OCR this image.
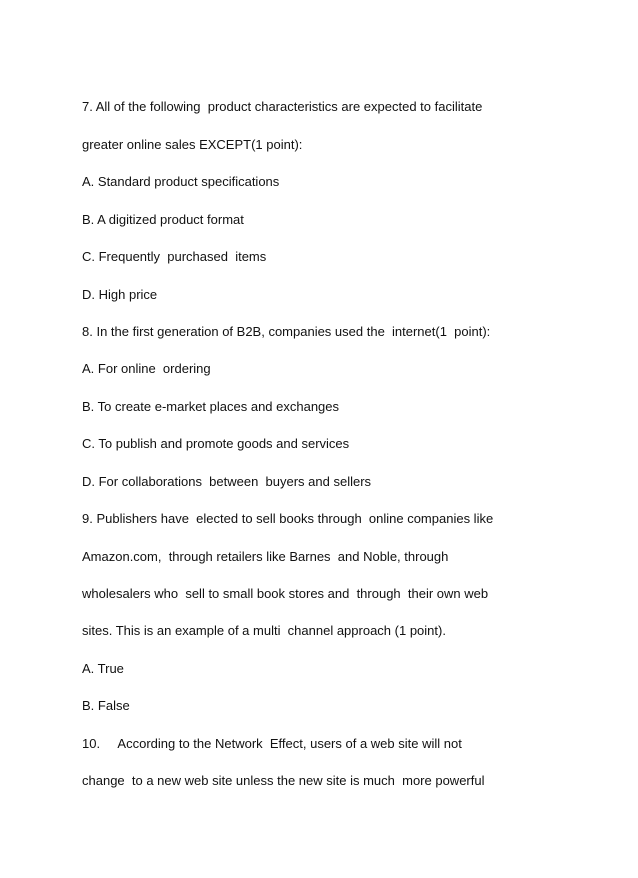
7. All of the following  product characteristics are expected to facilitate
greater online sales EXCEPT(1 point):
A. Standard product specifications
B. A digitized product format
C. Frequently  purchased  items
D. High price
8. In the first generation of B2B, companies used the  internet(1  point):
A. For online  ordering
B. To create e-market places and exchanges
C. To publish and promote goods and services
D. For collaborations  between  buyers and sellers
9. Publishers have  elected to sell books through  online companies like
Amazon.com,  through retailers like Barnes  and Noble, through
wholesalers who  sell to small book stores and  through  their own web
sites. This is an example of a multi  channel approach (1 point).
A. True
B. False
10.     According to the Network  Effect, users of a web site will not
change  to a new web site unless the new site is much  more powerful
